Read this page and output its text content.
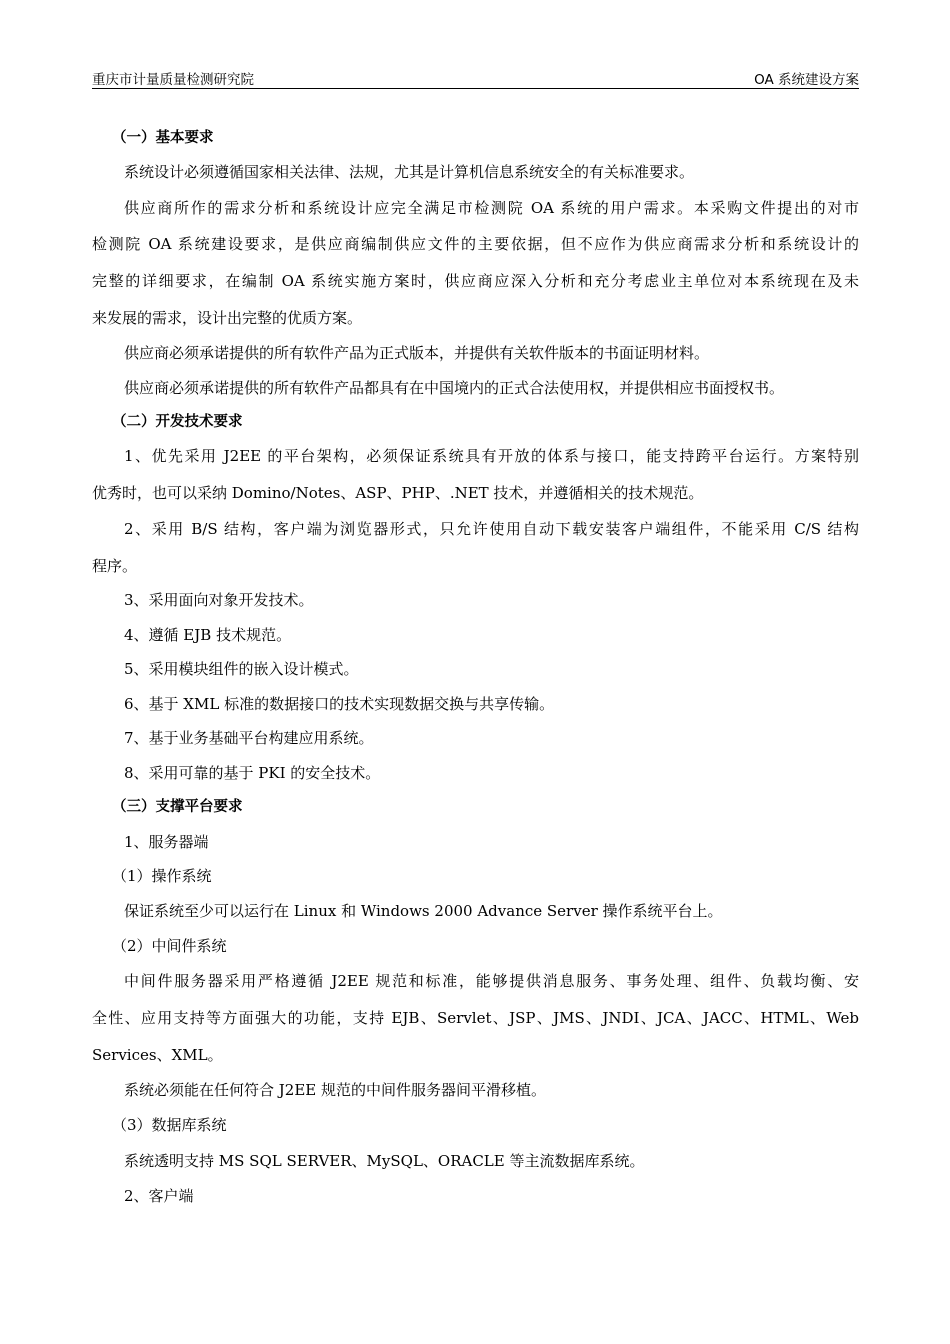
重庆市计量质量检测研究院	OA 系统建设方案
（一）基本要求
系统设计必须遵循国家相关法律、法规，尤其是计算机信息系统安全的有关标准要求。
供应商所作的需求分析和系统设计应完全满足市检测院 OA 系统的用户需求。本采购文件提出的对市
检测院 OA 系统建设要求，是供应商编制供应文件的主要依据，但不应作为供应商需求分析和系统设计的
完整的详细要求，在编制 OA 系统实施方案时，供应商应深入分析和充分考虑业主单位对本系统现在及未
来发展的需求，设计出完整的优质方案。
供应商必须承诺提供的所有软件产品为正式版本，并提供有关软件版本的书面证明材料。
供应商必须承诺提供的所有软件产品都具有在中国境内的正式合法使用权，并提供相应书面授权书。
（二）开发技术要求
1、优先采用 J2EE 的平台架构，必须保证系统具有开放的体系与接口，能支持跨平台运行。方案特别
优秀时，也可以采纳 Domino/Notes、ASP、PHP、.NET 技术，并遵循相关的技术规范。
2、采用 B/S 结构，客户端为浏览器形式，只允许使用自动下载安装客户端组件，不能采用 C/S 结构
程序。
3、采用面向对象开发技术。
4、遵循 EJB 技术规范。
5、采用模块组件的嵌入设计模式。
6、基于 XML 标准的数据接口的技术实现数据交换与共享传输。
7、基于业务基础平台构建应用系统。
8、采用可靠的基于 PKI 的安全技术。
（三）支撑平台要求
1、服务器端
（1）操作系统
保证系统至少可以运行在 Linux 和 Windows 2000 Advance Server 操作系统平台上。
（2）中间件系统
中间件服务器采用严格遵循 J2EE 规范和标准，能够提供消息服务、事务处理、组件、负载均衡、安
全性、应用支持等方面强大的功能，支持 EJB、Servlet、JSP、JMS、JNDI、JCA、JACC、HTML、Web
Services、XML。
系统必须能在任何符合 J2EE 规范的中间件服务器间平滑移植。
（3）数据库系统
系统透明支持 MS SQL SERVER、MySQL、ORACLE 等主流数据库系统。
2、客户端
